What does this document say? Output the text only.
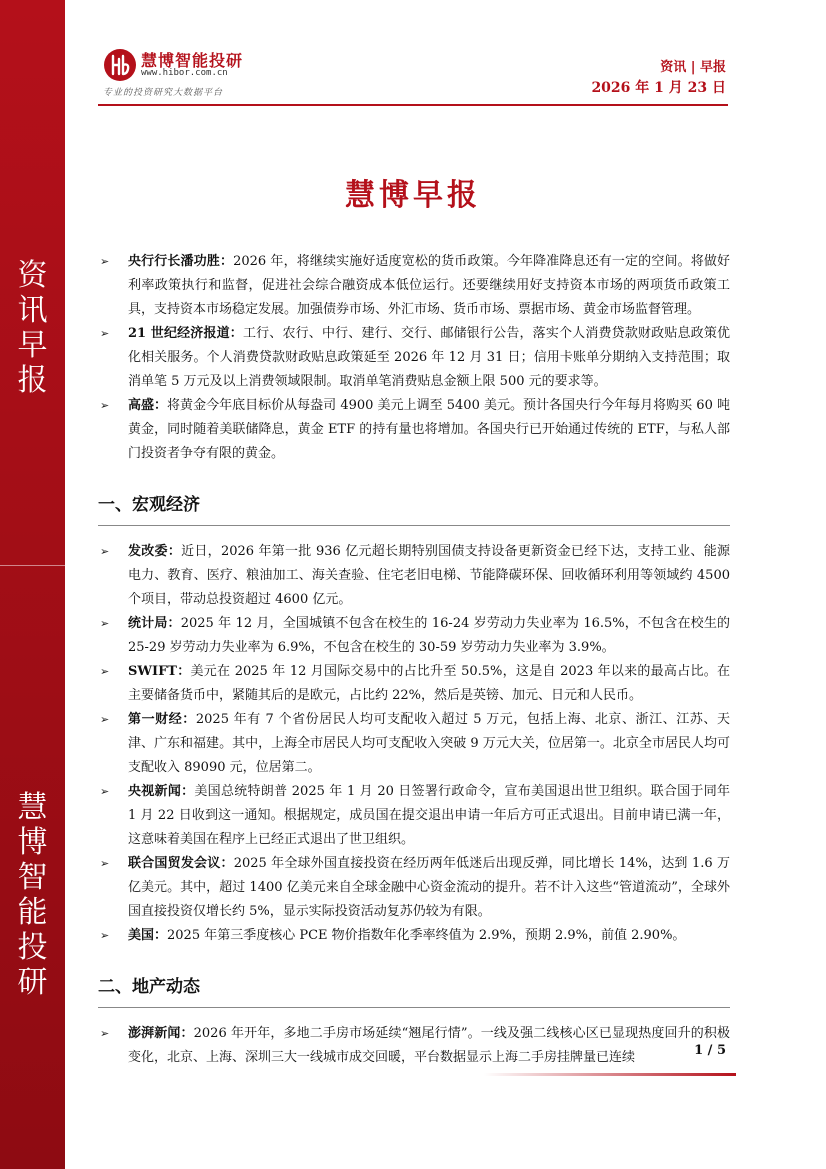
资
讯
早
报
慧
博
智
能
投
研
慧博智能投研
www.hibor.com.cn
专业的投资研究大数据平台
资讯 | 早报
2026 年 1 月 23 日
慧博早报
➢ 央行行长潘功胜：2026 年，将继续实施好适度宽松的货币政策。今年降准降息还有一定的空间。将做好利率政策执行和监督，促进社会综合融资成本低位运行。还要继续用好支持资本市场的两项货币政策工具，支持资本市场稳定发展。加强债券市场、外汇市场、货币市场、票据市场、黄金市场监督管理。
➢ 21 世纪经济报道：工行、农行、中行、建行、交行、邮储银行公告，落实个人消费贷款财政贴息政策优化相关服务。个人消费贷款财政贴息政策延至 2026 年 12 月 31 日；信用卡账单分期纳入支持范围；取消单笔 5 万元及以上消费领域限制。取消单笔消费贴息金额上限 500 元的要求等。
➢ 高盛：将黄金今年底目标价从每盎司 4900 美元上调至 5400 美元。预计各国央行今年每月将购买 60 吨黄金，同时随着美联储降息，黄金 ETF 的持有量也将增加。各国央行已开始通过传统的 ETF，与私人部门投资者争夺有限的黄金。
一、宏观经济
➢ 发改委：近日，2026 年第一批 936 亿元超长期特别国债支持设备更新资金已经下达，支持工业、能源电力、教育、医疗、粮油加工、海关查验、住宅老旧电梯、节能降碳环保、回收循环利用等领域约 4500 个项目，带动总投资超过 4600 亿元。
➢ 统计局：2025 年 12 月，全国城镇不包含在校生的 16-24 岁劳动力失业率为 16.5%，不包含在校生的 25-29 岁劳动力失业率为 6.9%，不包含在校生的 30-59 岁劳动力失业率为 3.9%。
➢ SWIFT：美元在 2025 年 12 月国际交易中的占比升至 50.5%，这是自 2023 年以来的最高占比。在主要储备货币中，紧随其后的是欧元，占比约 22%，然后是英镑、加元、日元和人民币。
➢ 第一财经：2025 年有 7 个省份居民人均可支配收入超过 5 万元，包括上海、北京、浙江、江苏、天津、广东和福建。其中，上海全市居民人均可支配收入突破 9 万元大关，位居第一。北京全市居民人均可支配收入 89090 元，位居第二。
➢ 央视新闻：美国总统特朗普 2025 年 1 月 20 日签署行政命令，宣布美国退出世卫组织。联合国于同年 1 月 22 日收到这一通知。根据规定，成员国在提交退出申请一年后方可正式退出。目前申请已满一年，这意味着美国在程序上已经正式退出了世卫组织。
➢ 联合国贸发会议：2025 年全球外国直接投资在经历两年低迷后出现反弹，同比增长 14%，达到 1.6 万亿美元。其中，超过 1400 亿美元来自全球金融中心资金流动的提升。若不计入这些“管道流动”，全球外国直接投资仅增长约 5%，显示实际投资活动复苏仍较为有限。
➢ 美国：2025 年第三季度核心 PCE 物价指数年化季率终值为 2.9%，预期 2.9%，前值 2.90%。
二、地产动态
➢ 澎湃新闻：2026 年开年，多地二手房市场延续“翘尾行情”。一线及强二线核心区已显现热度回升的积极变化，北京、上海、深圳三大一线城市成交回暖，平台数据显示上海二手房挂牌量已连续	1 / 5
